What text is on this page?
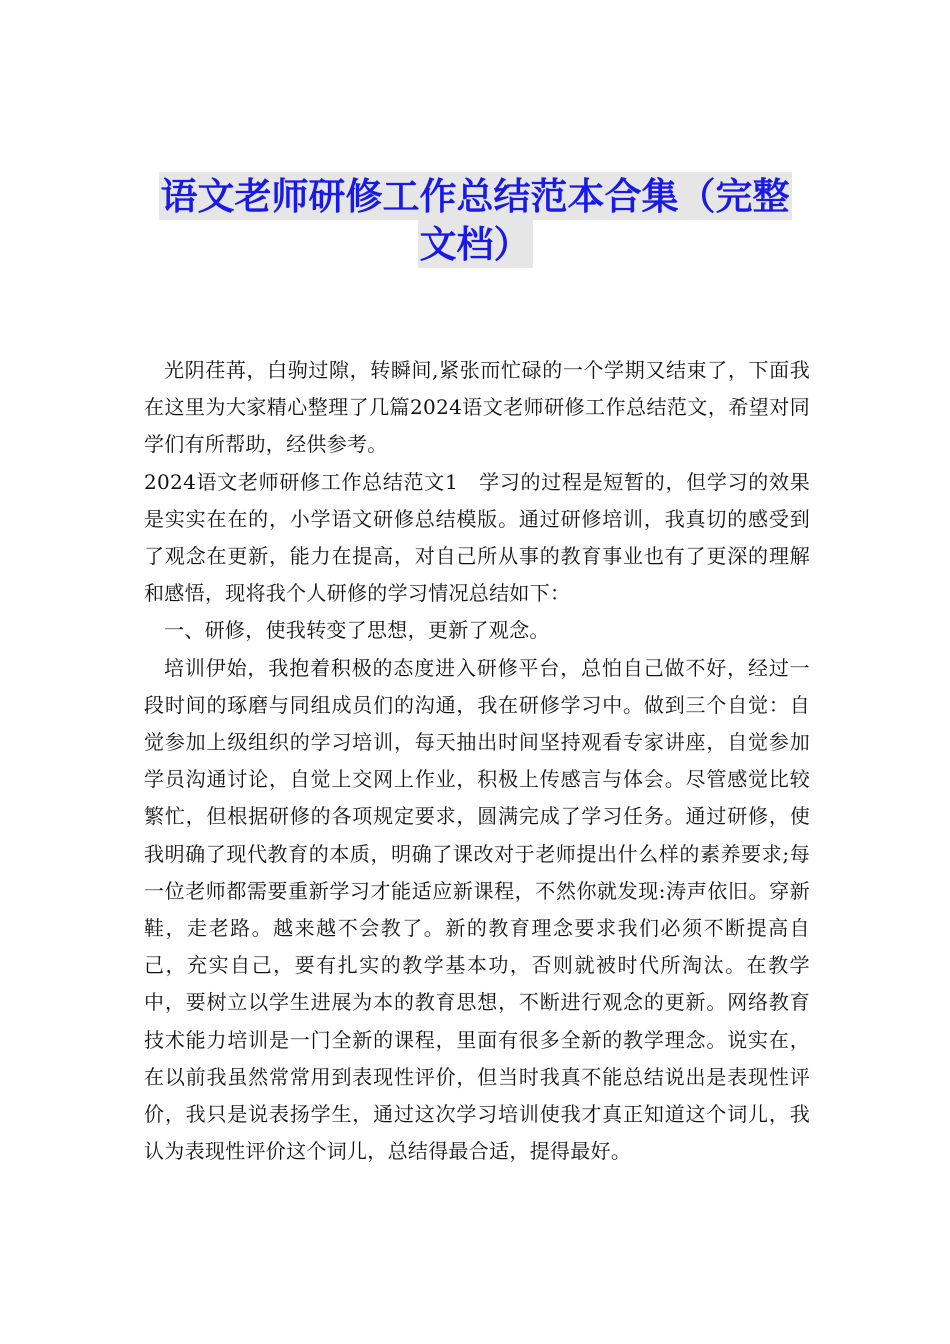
语文老师研修工作总结范本合集（完整
文档）

光阴荏苒，白驹过隙，转瞬间,紧张而忙碌的一个学期又结束了，下面我在这里为大家精心整理了几篇2024语文老师研修工作总结范文，希望对同学们有所帮助，经供参考。

2024语文老师研修工作总结范文1　学习的过程是短暂的，但学习的效果是实实在在的，小学语文研修总结模版。通过研修培训，我真切的感受到了观念在更新，能力在提高，对自己所从事的教育事业也有了更深的理解和感悟，现将我个人研修的学习情况总结如下：

一、研修，使我转变了思想，更新了观念。

培训伊始，我抱着积极的态度进入研修平台，总怕自己做不好，经过一段时间的琢磨与同组成员们的沟通，我在研修学习中。做到三个自觉：自觉参加上级组织的学习培训，每天抽出时间坚持观看专家讲座，自觉参加学员沟通讨论，自觉上交网上作业，积极上传感言与体会。尽管感觉比较繁忙，但根据研修的各项规定要求，圆满完成了学习任务。通过研修，使我明确了现代教育的本质，明确了课改对于老师提出什么样的素养要求;每一位老师都需要重新学习才能适应新课程，不然你就发现:涛声依旧。穿新鞋，走老路。越来越不会教了。新的教育理念要求我们必须不断提高自己，充实自己，要有扎实的教学基本功，否则就被时代所淘汰。在教学中，要树立以学生进展为本的教育思想，不断进行观念的更新。网络教育技术能力培训是一门全新的课程，里面有很多全新的教学理念。说实在，在以前我虽然常常用到表现性评价，但当时我真不能总结说出是表现性评价，我只是说表扬学生，通过这次学习培训使我才真正知道这个词儿，我认为表现性评价这个词儿，总结得最合适，提得最好。
